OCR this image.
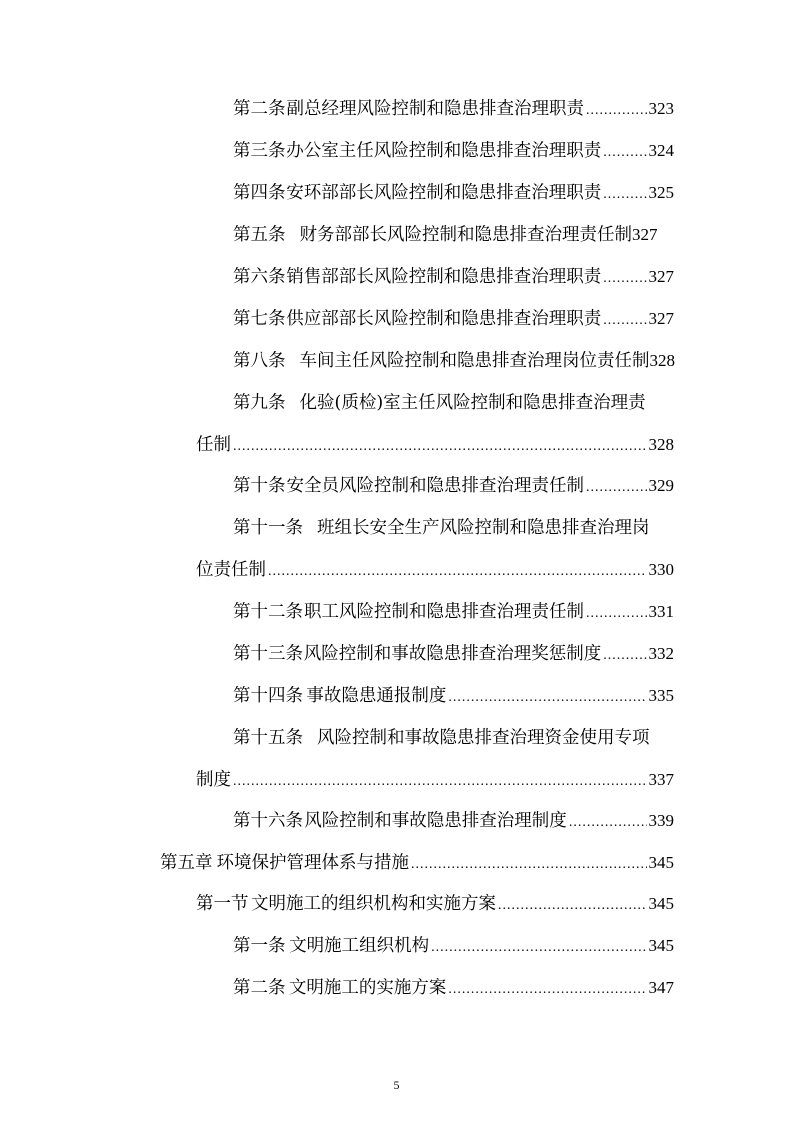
第二条 副总经理风险控制和隐患排查治理职责 .....	323
第三条 办公室主任风险控制和隐患排查治理职责 .....	324
第四条 安环部部长风险控制和隐患排查治理职责 .....	325
第五条 财务部部长风险控制和隐患排查治理责任制 327
第六条 销售部部长风险控制和隐患排查治理职责 .....	327
第七条 供应部部长风险控制和隐患排查治理职责 .....	327
第八条 车间主任风险控制和隐患排查治理岗位责任制 328
第九条 化验(质检)室主任风险控制和隐患排查治理责
任制 .....	328
第十条 安全员风险控制和隐患排查治理责任制 .....	329
第十一条 班组长安全生产风险控制和隐患排查治理岗
位责任制 .....	330
第十二条 职工风险控制和隐患排查治理责任制 .....	331
第十三条 风险控制和事故隐患排查治理奖惩制度 .....	332
第十四条 事故隐患通报制度 .....	335
第十五条 风险控制和事故隐患排查治理资金使用专项
制度 .....	337
第十六条 风险控制和事故隐患排查治理制度 .....	339
第五章 环境保护管理体系与措施 .....	345
第一节 文明施工的组织机构和实施方案 .....	345
第一条 文明施工组织机构 .....	345
第二条 文明施工的实施方案 .....	347
5
